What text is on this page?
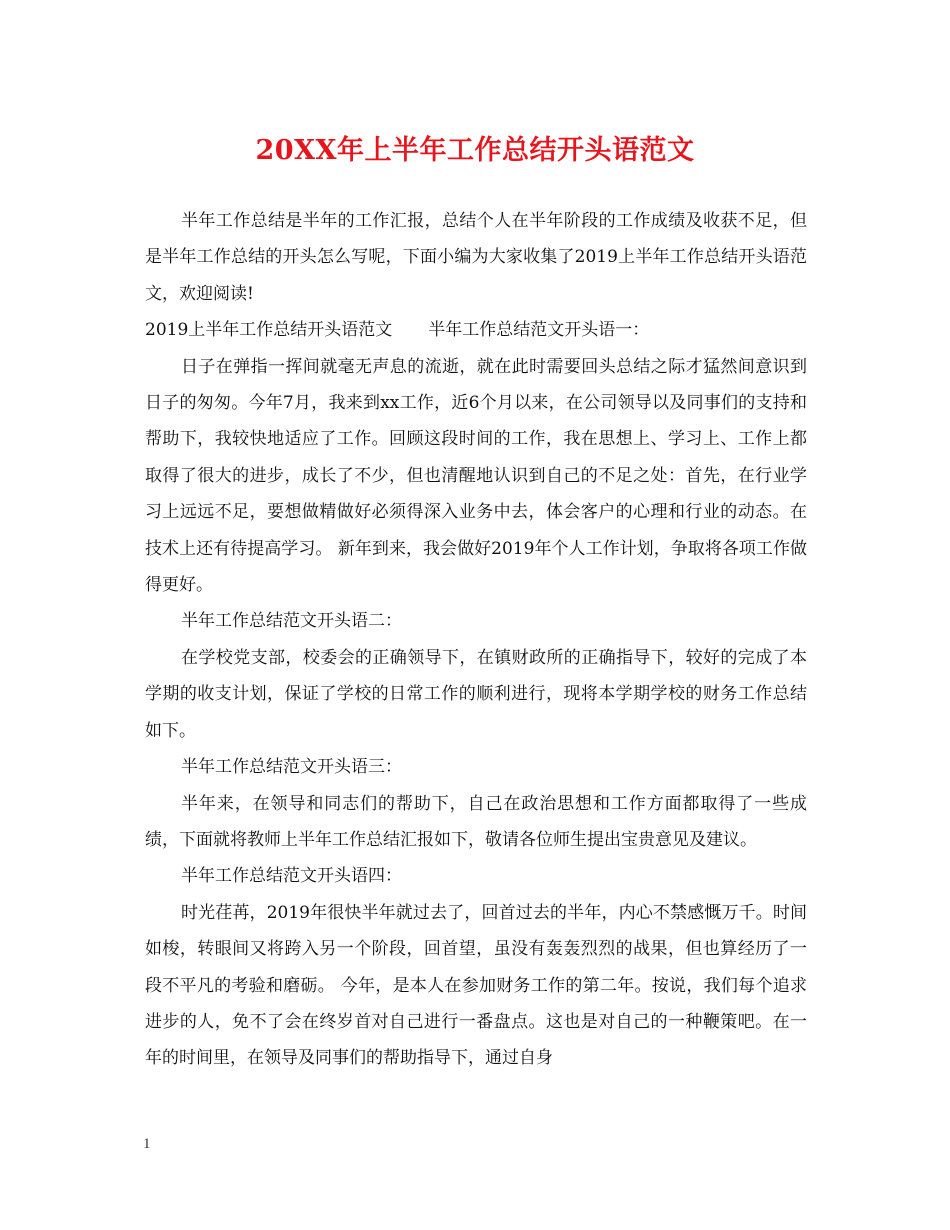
20XX年上半年工作总结开头语范文

半年工作总结是半年的工作汇报，总结个人在半年阶段的工作成绩及收获不足，但是半年工作总结的开头怎么写呢，下面小编为大家收集了2019上半年工作总结开头语范文，欢迎阅读!

2019上半年工作总结开头语范文 半年工作总结范文开头语一：

日子在弹指一挥间就毫无声息的流逝，就在此时需要回头总结之际才猛然间意识到日子的匆匆。今年7月，我来到xx工作，近6个月以来，在公司领导以及同事们的支持和帮助下，我较快地适应了工作。回顾这段时间的工作，我在思想上、学习上、工作上都取得了很大的进步，成长了不少，但也清醒地认识到自己的不足之处：首先，在行业学习上远远不足，要想做精做好必须得深入业务中去，体会客户的心理和行业的动态。在技术上还有待提高学习。 新年到来，我会做好2019年个人工作计划，争取将各项工作做得更好。

半年工作总结范文开头语二：

在学校党支部，校委会的正确领导下，在镇财政所的正确指导下，较好的完成了本学期的收支计划，保证了学校的日常工作的顺利进行，现将本学期学校的财务工作总结如下。

半年工作总结范文开头语三：

半年来，在领导和同志们的帮助下，自己在政治思想和工作方面都取得了一些成绩，下面就将教师上半年工作总结汇报如下，敬请各位师生提出宝贵意见及建议。

半年工作总结范文开头语四：

时光荏苒，2019年很快半年就过去了，回首过去的半年，内心不禁感慨万千。时间如梭，转眼间又将跨入另一个阶段，回首望，虽没有轰轰烈烈的战果，但也算经历了一段不平凡的考验和磨砺。 今年，是本人在参加财务工作的第二年。按说，我们每个追求进步的人，免不了会在终岁首对自己进行一番盘点。这也是对自己的一种鞭策吧。在一年的时间里，在领导及同事们的帮助指导下，通过自身

1
